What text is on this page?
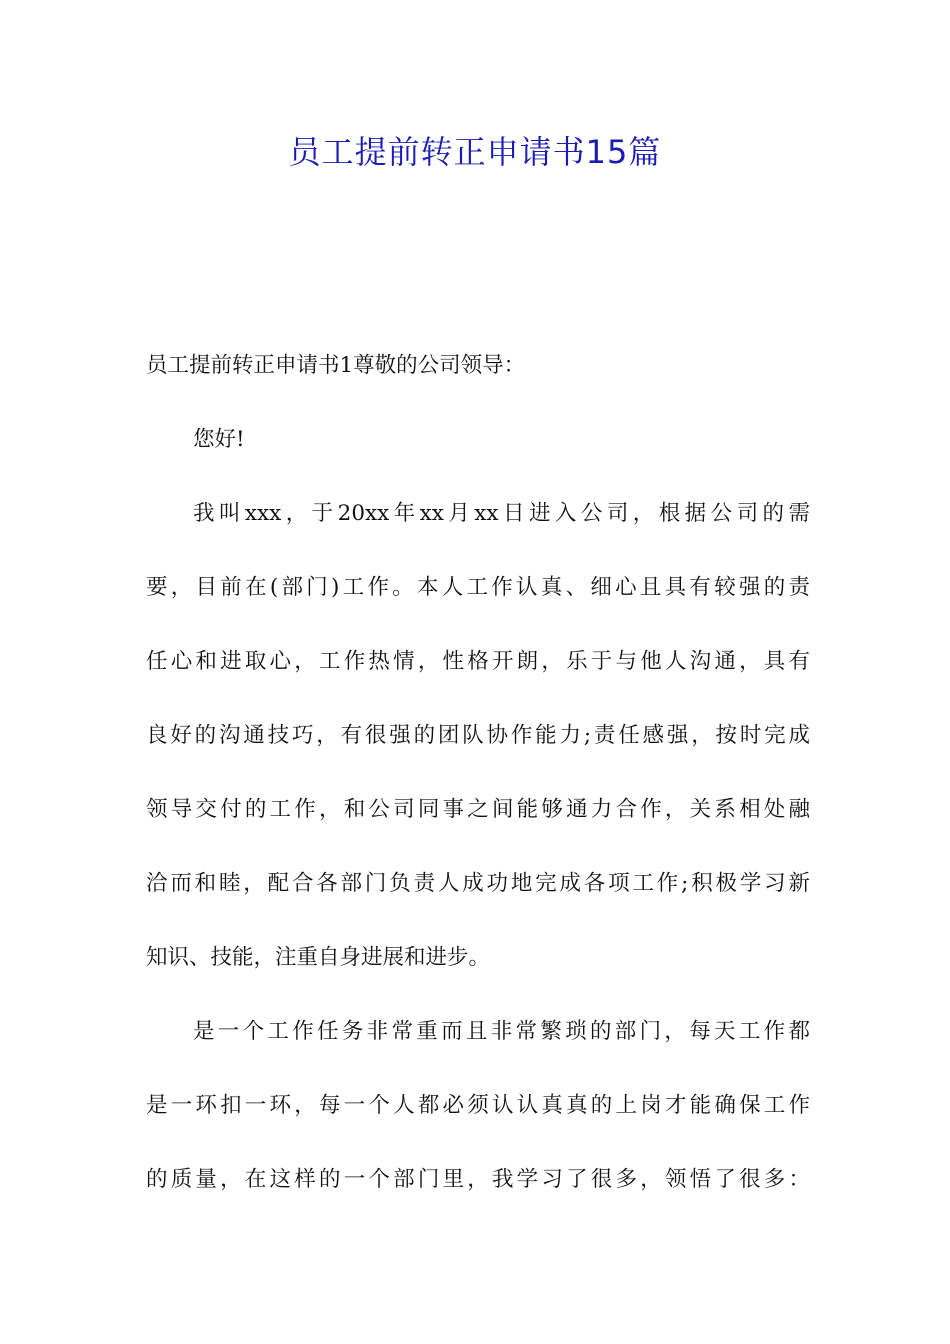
员工提前转正申请书15篇
员工提前转正申请书1尊敬的公司领导：
您好!
我叫xxx，于20xx年xx月xx日进入公司，根据公司的需
要，目前在(部门)工作。本人工作认真、细心且具有较强的责
任心和进取心，工作热情，性格开朗，乐于与他人沟通，具有
良好的沟通技巧，有很强的团队协作能力;责任感强，按时完成
领导交付的工作，和公司同事之间能够通力合作，关系相处融
洽而和睦，配合各部门负责人成功地完成各项工作;积极学习新
知识、技能，注重自身进展和进步。
是一个工作任务非常重而且非常繁琐的部门，每天工作都
是一环扣一环，每一个人都必须认认真真的上岗才能确保工作
的质量，在这样的一个部门里，我学习了很多，领悟了很多：
